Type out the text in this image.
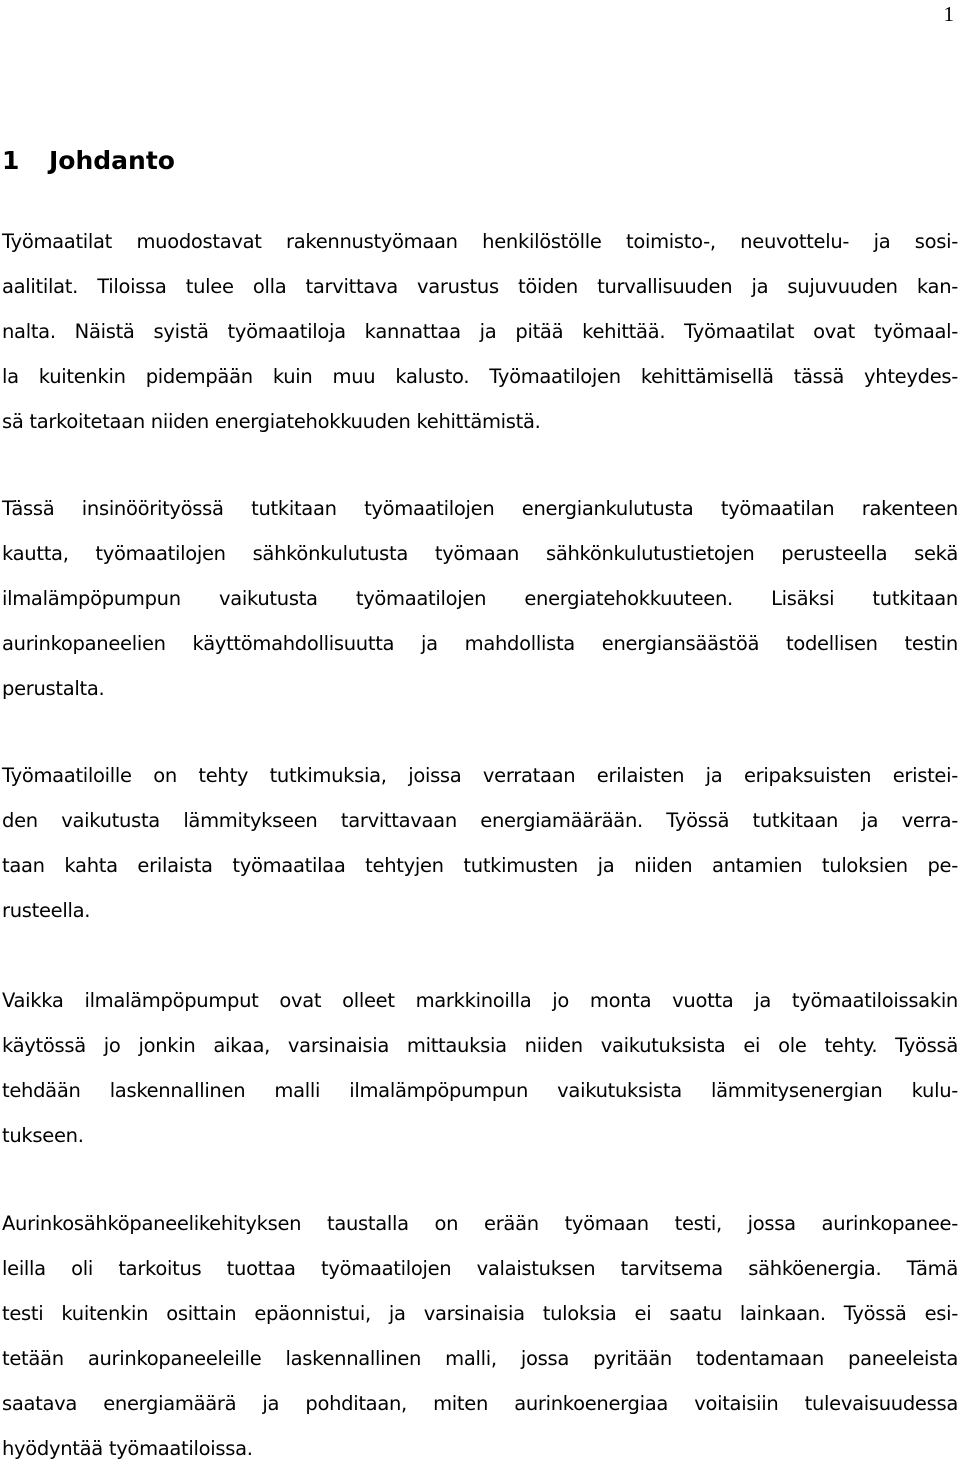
1
1 Johdanto
Työmaatilat muodostavat rakennustyömaan henkilöstölle toimisto-, neuvottelu- ja sosi-
aalitilat. Tiloissa tulee olla tarvittava varustus töiden turvallisuuden ja sujuvuuden kan-
nalta. Näistä syistä työmaatiloja kannattaa ja pitää kehittää. Työmaatilat ovat työmaal-
la kuitenkin pidempään kuin muu kalusto. Työmaatilojen kehittämisellä tässä yhteydes-
sä tarkoitetaan niiden energiatehokkuuden kehittämistä.
Tässä insinöörityössä tutkitaan työmaatilojen energiankulutusta työmaatilan rakenteen
kautta, työmaatilojen sähkönkulutusta työmaan sähkönkulutustietojen perusteella sekä
ilmalämpöpumpun vaikutusta työmaatilojen energiatehokkuuteen. Lisäksi tutkitaan
aurinkopaneelien käyttömahdollisuutta ja mahdollista energiansäästöä todellisen testin
perustalta.
Työmaatiloille on tehty tutkimuksia, joissa verrataan erilaisten ja eripaksuisten eristei-
den vaikutusta lämmitykseen tarvittavaan energiamäärään. Työssä tutkitaan ja verra-
taan kahta erilaista työmaatilaa tehtyjen tutkimusten ja niiden antamien tuloksien pe-
rusteella.
Vaikka ilmalämpöpumput ovat olleet markkinoilla jo monta vuotta ja työmaatiloissakin
käytössä jo jonkin aikaa, varsinaisia mittauksia niiden vaikutuksista ei ole tehty. Työssä
tehdään laskennallinen malli ilmalämpöpumpun vaikutuksista lämmitysenergian kulu-
tukseen.
Aurinkosähköpaneelikehityksen taustalla on erään työmaan testi, jossa aurinkopanee-
leilla oli tarkoitus tuottaa työmaatilojen valaistuksen tarvitsema sähköenergia. Tämä
testi kuitenkin osittain epäonnistui, ja varsinaisia tuloksia ei saatu lainkaan. Työssä esi-
tetään aurinkopaneeleille laskennallinen malli, jossa pyritään todentamaan paneeleista
saatava energiamäärä ja pohditaan, miten aurinkoenergiaa voitaisiin tulevaisuudessa
hyödyntää työmaatiloissa.
